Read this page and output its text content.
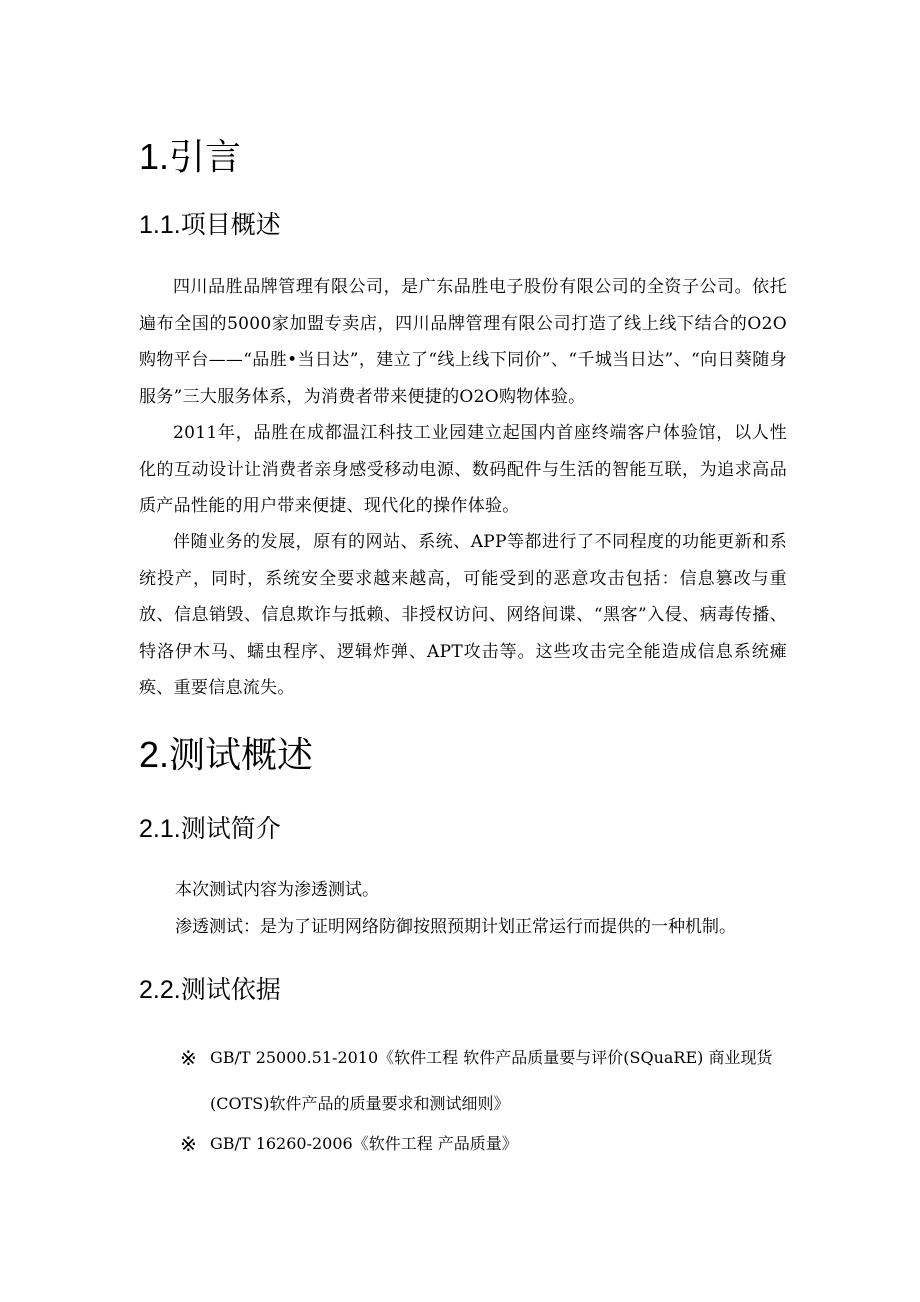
1.引言
1.1.项目概述

四川品胜品牌管理有限公司，是广东品胜电子股份有限公司的全资子公司。依托遍布全国的5000家加盟专卖店，四川品牌管理有限公司打造了线上线下结合的O2O购物平台——“品胜•当日达”，建立了“线上线下同价”、“千城当日达”、“向日葵随身服务”三大服务体系，为消费者带来便捷的O2O购物体验。

2011年，品胜在成都温江科技工业园建立起国内首座终端客户体验馆，以人性化的互动设计让消费者亲身感受移动电源、数码配件与生活的智能互联，为追求高品质产品性能的用户带来便捷、现代化的操作体验。

伴随业务的发展，原有的网站、系统、APP等都进行了不同程度的功能更新和系统投产，同时，系统安全要求越来越高，可能受到的恶意攻击包括：信息篡改与重放、信息销毁、信息欺诈与抵赖、非授权访问、网络间谍、“黑客”入侵、病毒传播、特洛伊木马、蠕虫程序、逻辑炸弹、APT攻击等。这些攻击完全能造成信息系统瘫痪、重要信息流失。

2.测试概述
2.1.测试简介

本次测试内容为渗透测试。

渗透测试：是为了证明网络防御按照预期计划正常运行而提供的一种机制。

2.2.测试依据
※ GB/T 25000.51-2010《软件工程 软件产品质量要与评价(SQuaRE) 商业现货(COTS)软件产品的质量要求和测试细则》
※ GB/T 16260-2006《软件工程 产品质量》
